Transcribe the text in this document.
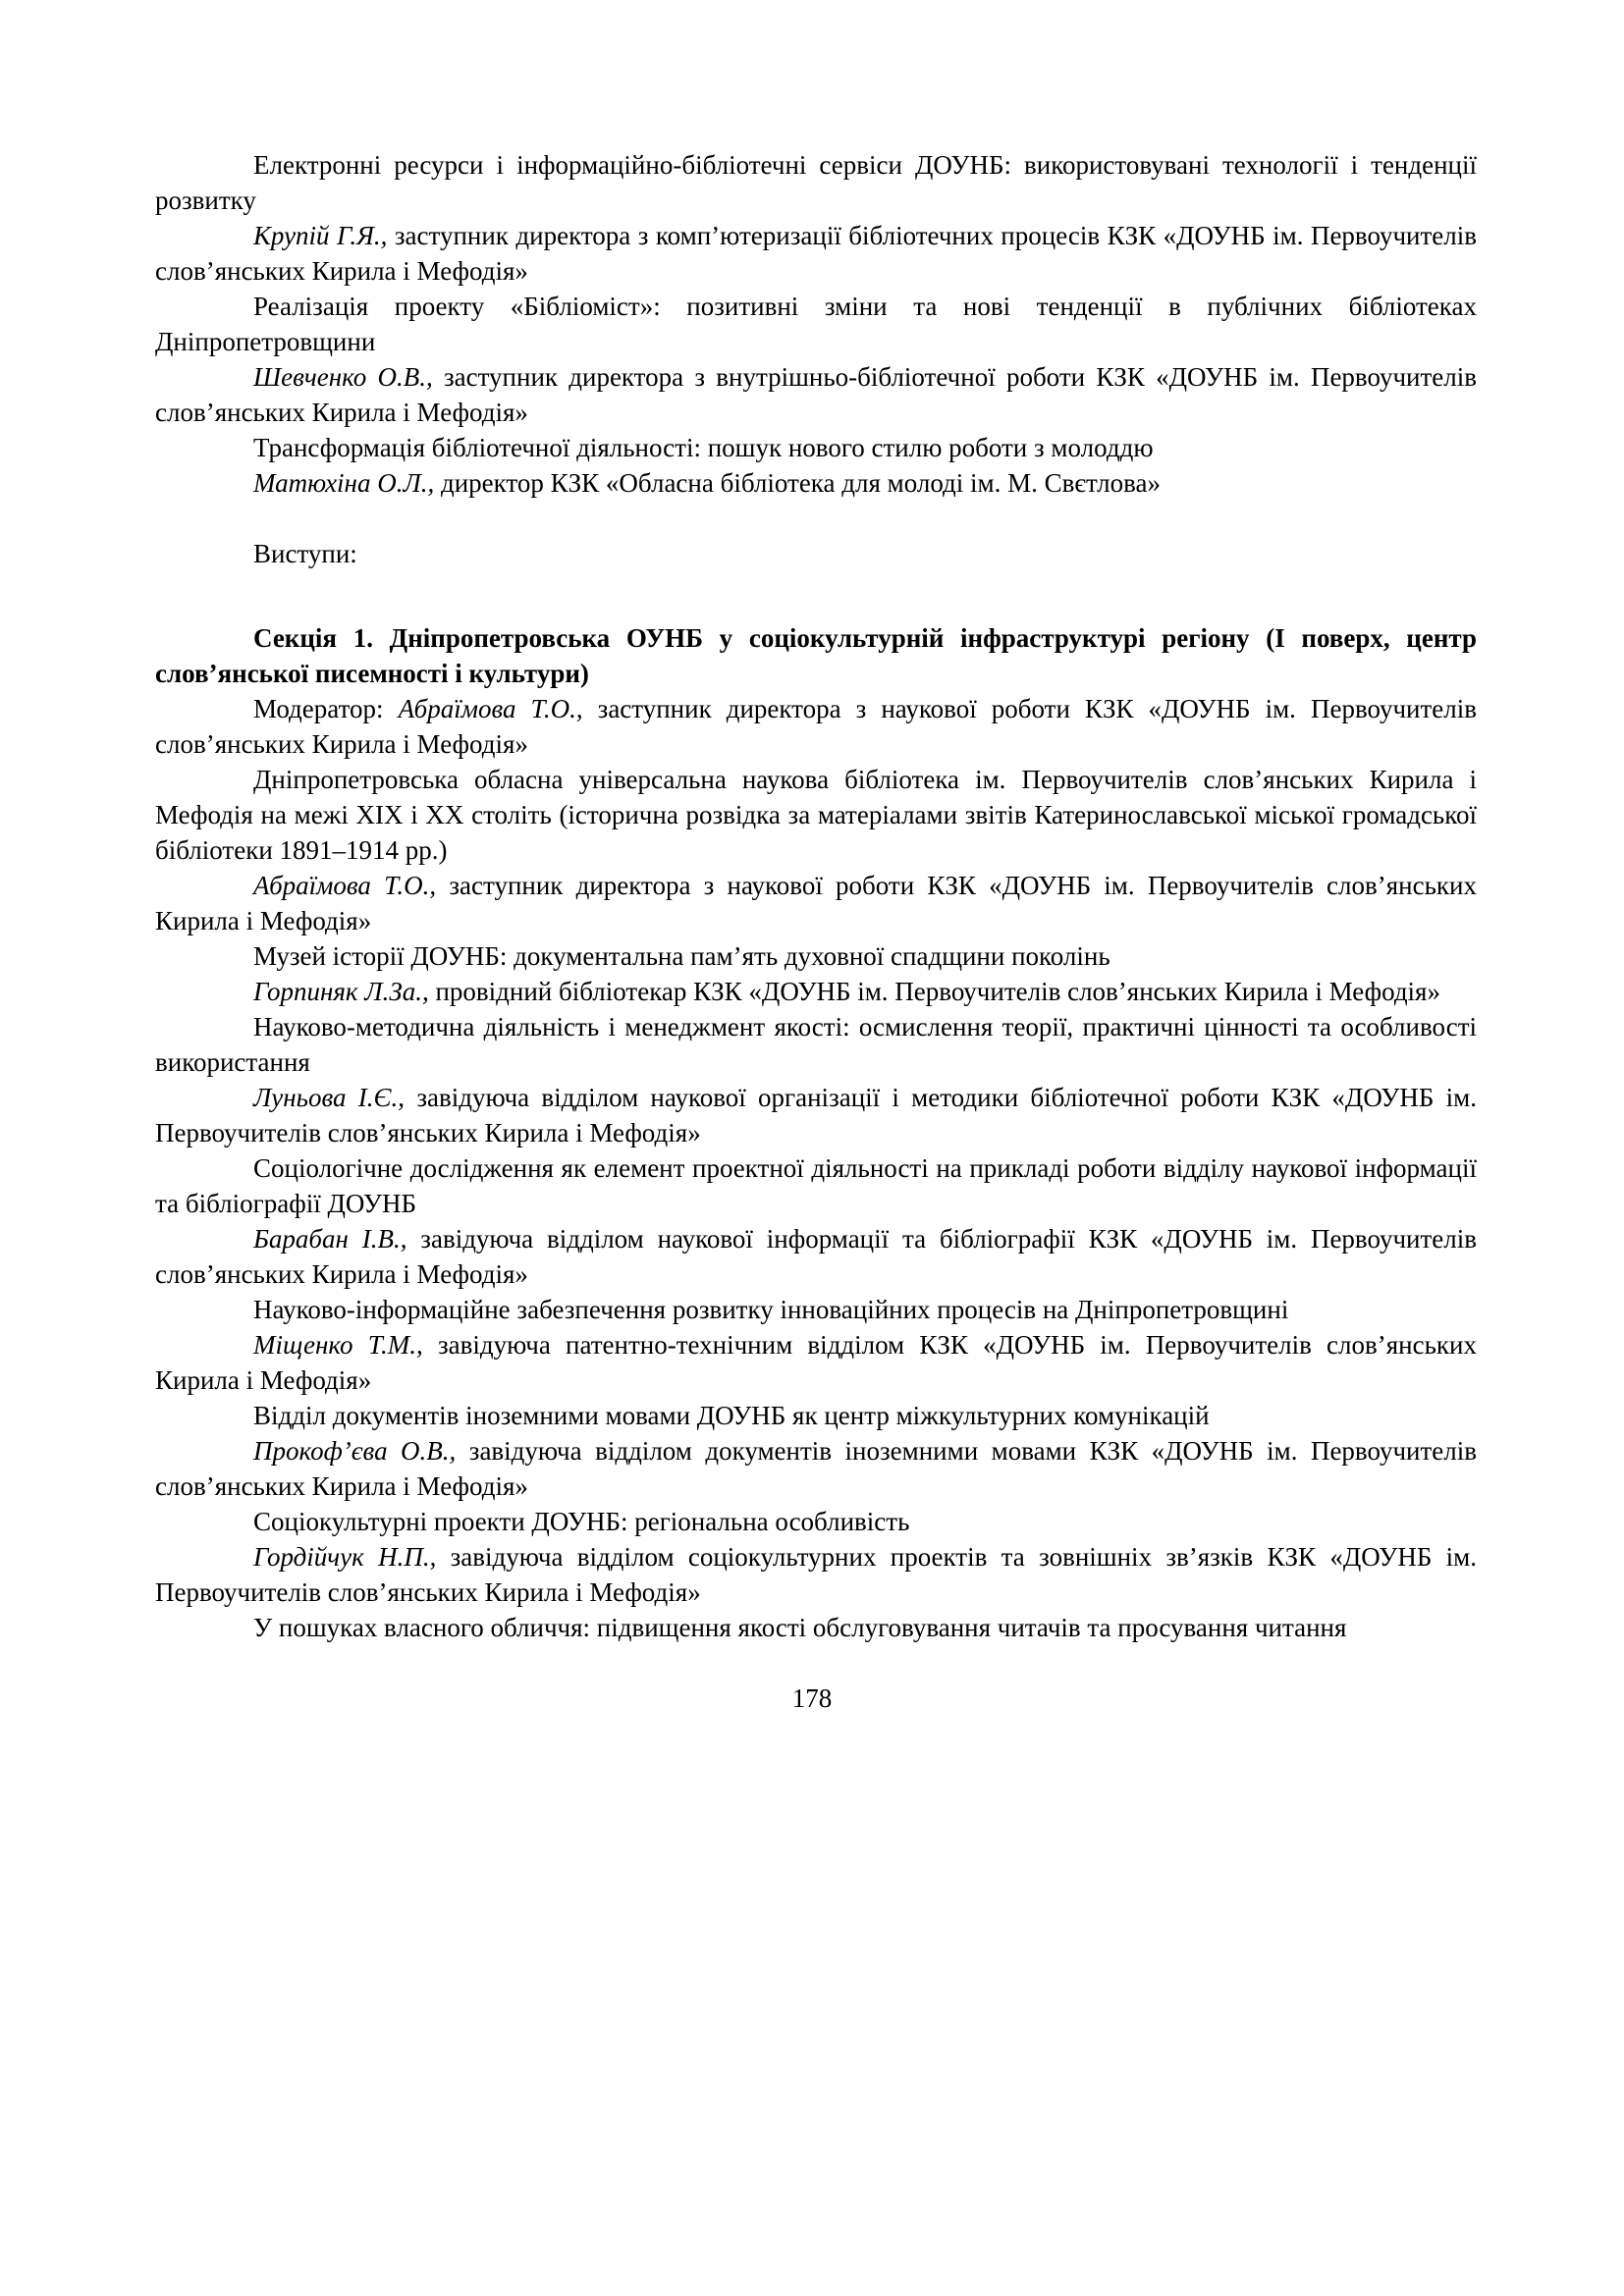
Електронні ресурси і інформаційно-бібліотечні сервіси ДОУНБ: використовувані технології і тенденції розвитку

Крупій Г.Я., заступник директора з комп’ютеризації бібліотечних процесів КЗК «ДОУНБ ім. Первоучителів слов’янських Кирила і Мефодія»

Реалізація проекту «Бібліоміст»: позитивні зміни та нові тенденції в публічних бібліотеках Дніпропетровщини

Шевченко О.В., заступник директора з внутрішньо-бібліотечної роботи КЗК «ДОУНБ ім. Первоучителів слов’янських Кирила і Мефодія»

Трансформація бібліотечної діяльності: пошук нового стилю роботи з молоддю

Матюхіна О.Л., директор КЗК «Обласна бібліотека для молоді ім. М. Свєтлова»

Виступи:

Секція 1. Дніпропетровська ОУНБ у соціокультурній інфраструктурі регіону (І поверх, центр слов’янської писемності і культури)

Модератор: Абраїмова Т.О., заступник директора з наукової роботи КЗК «ДОУНБ ім. Первоучителів слов’янських Кирила і Мефодія»

Дніпропетровська обласна універсальна наукова бібліотека ім. Первоучителів слов’янських Кирила і Мефодія на межі ХІХ і ХХ століть (історична розвідка за матеріалами звітів Катеринославської міської громадської бібліотеки 1891–1914 рр.)

Абраїмова Т.О., заступник директора з наукової роботи КЗК «ДОУНБ ім. Первоучителів слов’янських Кирила і Мефодія»

Музей історії ДОУНБ: документальна пам’ять духовної спадщини поколінь

Горпиняк Л.За., провідний бібліотекар КЗК «ДОУНБ ім. Первоучителів слов’янських Кирила і Мефодія»

Науково-методична діяльність і менеджмент якості: осмислення теорії, практичні цінності та особливості використання

Луньова І.Є., завідуюча відділом наукової організації і методики бібліотечної роботи КЗК «ДОУНБ ім. Первоучителів слов’янських Кирила і Мефодія»

Соціологічне дослідження як елемент проектної діяльності на прикладі роботи відділу наукової інформації та бібліографії ДОУНБ

Барабан І.В., завідуюча відділом наукової інформації та бібліографії КЗК «ДОУНБ ім. Первоучителів слов’янських Кирила і Мефодія»

Науково-інформаційне забезпечення розвитку інноваційних процесів на Дніпропетровщині

Міщенко Т.М., завідуюча патентно-технічним відділом КЗК «ДОУНБ ім. Первоучителів слов’янських Кирила і Мефодія»

Відділ документів іноземними мовами ДОУНБ як центр міжкультурних комунікацій

Прокоф’єва О.В., завідуюча відділом документів іноземними мовами КЗК «ДОУНБ ім. Первоучителів слов’янських Кирила і Мефодія»

Соціокультурні проекти ДОУНБ: регіональна особливість

Гордійчук Н.П., завідуюча відділом соціокультурних проектів та зовнішніх зв’язків КЗК «ДОУНБ ім. Первоучителів слов’янських Кирила і Мефодія»

У пошуках власного обличчя: підвищення якості обслуговування читачів та просування читання

178
